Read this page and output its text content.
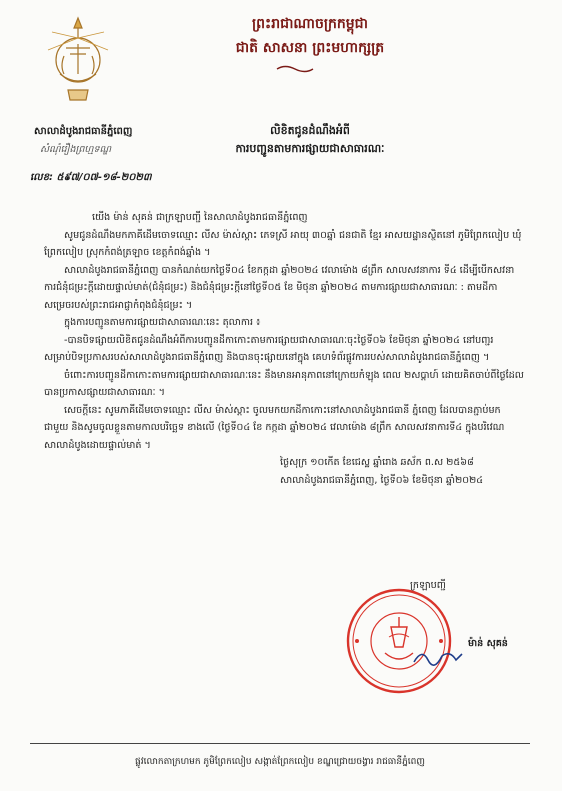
ព្រះរាជាណាចក្រកម្ពុជា
ជាតិ សាសនា ព្រះមហាក្សត្រ
សាលាដំបូងរាជធានីភ្នំពេញ
សំណុំរឿងព្រហ្មទណ្ឌ
លេខ: ៥៩៧/០៧-១៨-២០២៣
លិខិតជូនដំណឹងអំពី
ការបញ្ជូនតាមការផ្សាយជាសាធារណៈ

យើង ម៉ាន់ សុគន់ ជាក្រឡាបញ្ជី នៃសាលាដំបូងរាជធានីភ្នំពេញ

សូមជូនដំណឹងមកភាគីដើមចោទឈ្មោះ លីស ម៉ាស់ស្តាះ ភេទស្រី អាយុ ៣០ឆ្នាំ ជនជាតិ ខ្មែរ អាសយដ្ឋានស្ថិតនៅ ភូមិព្រែកលៀប ឃុំព្រែកលៀប ស្រុកកំពង់ត្រឡាច ខេត្តកំពង់ឆ្នាំង ។

សាលាដំបូងរាជធានីភ្នំពេញ បានកំណត់យកថ្ងៃទី០៤ ខែកក្កដា ឆ្នាំ២០២៤ វេលាម៉ោង ៨ព្រឹក សាលសវនាការ ទី៤ ដើម្បីបើកសវនាការជំនុំជម្រះក្តីដោយផ្ទាល់មាត់(ជំនុំជម្រះ) និងជំនុំជម្រះក្តីនៅថ្ងៃទី០៥ ខែ មិថុនា ឆ្នាំ២០២៤ តាមការផ្សាយជាសាធារណៈ : តាមដីកាសម្រេចរបស់ព្រះរាជអាជ្ញាកំពុងជំនុំជម្រះ ។

ក្នុងការបញ្ជូនតាមការផ្សាយជាសាធារណៈនេះ តុលាការ ៖

-បានបិទផ្សាយលិខិតជូនដំណឹងអំពីការបញ្ជូនដីកាកោះតាមការផ្សាយជាសាធារណៈចុះថ្ងៃទី០៦ ខែមិថុនា ឆ្នាំ២០២៤ នៅបញ្ជរសម្រាប់បិទប្រកាសរបស់សាលាដំបូងរាជធានីភ្នំពេញ និងបានចុះផ្សាយនៅក្នុង គេហទំព័រផ្លូវការរបស់សាលាដំបូងរាជធានីភ្នំពេញ ។

ចំពោះការបញ្ជូនដីកាកោះតាមការផ្សាយជាសាធារណៈនេះ នឹងមានអានុភាពនៅក្រោយកំឡុង ពេល ២សប្តាហ៍ ដោយគិតចាប់ពីថ្ងៃដែលបានប្រកាសផ្សាយជាសាធារណៈ ។

សេចក្តីនេះ សូមភាគីដើមចោទឈ្មោះ លីស ម៉ាស់ស្តាះ ចូលមកយកដីកាកោះនៅសាលាដំបូងរាជធានី ភ្នំពេញ ដែលបានភ្ជាប់មកជាមួយ និងសូមចូលខ្លួនតាមកាលបរិច្ឆេទ ខាងលើ (ថ្ងៃទី០៤ ខែ កក្កដា ឆ្នាំ២០២៤ វេលាម៉ោង ៨ព្រឹក សាលសវនាការទី៤ ក្នុងបរិវេណសាលាដំបូងដោយផ្ទាល់មាត់ ។

ថ្ងៃសុក្រ ១០កើត ខែជេស្ឋ ឆ្នាំរោង ឆស័ក ព.ស ២៥៦៨

សាលាដំបូងរាជធានីភ្នំពេញ, ថ្ងៃទី០៦ ខែមិថុនា ឆ្នាំ២០២៤

ក្រឡាបញ្ជី
ម៉ាន់ សុគន់
ផ្លូវលោកតាក្រហមក ភូមិព្រែកលៀប សង្កាត់ព្រែកលៀប ខណ្ឌជ្រោយចង្វារ រាជធានីភ្នំពេញ
